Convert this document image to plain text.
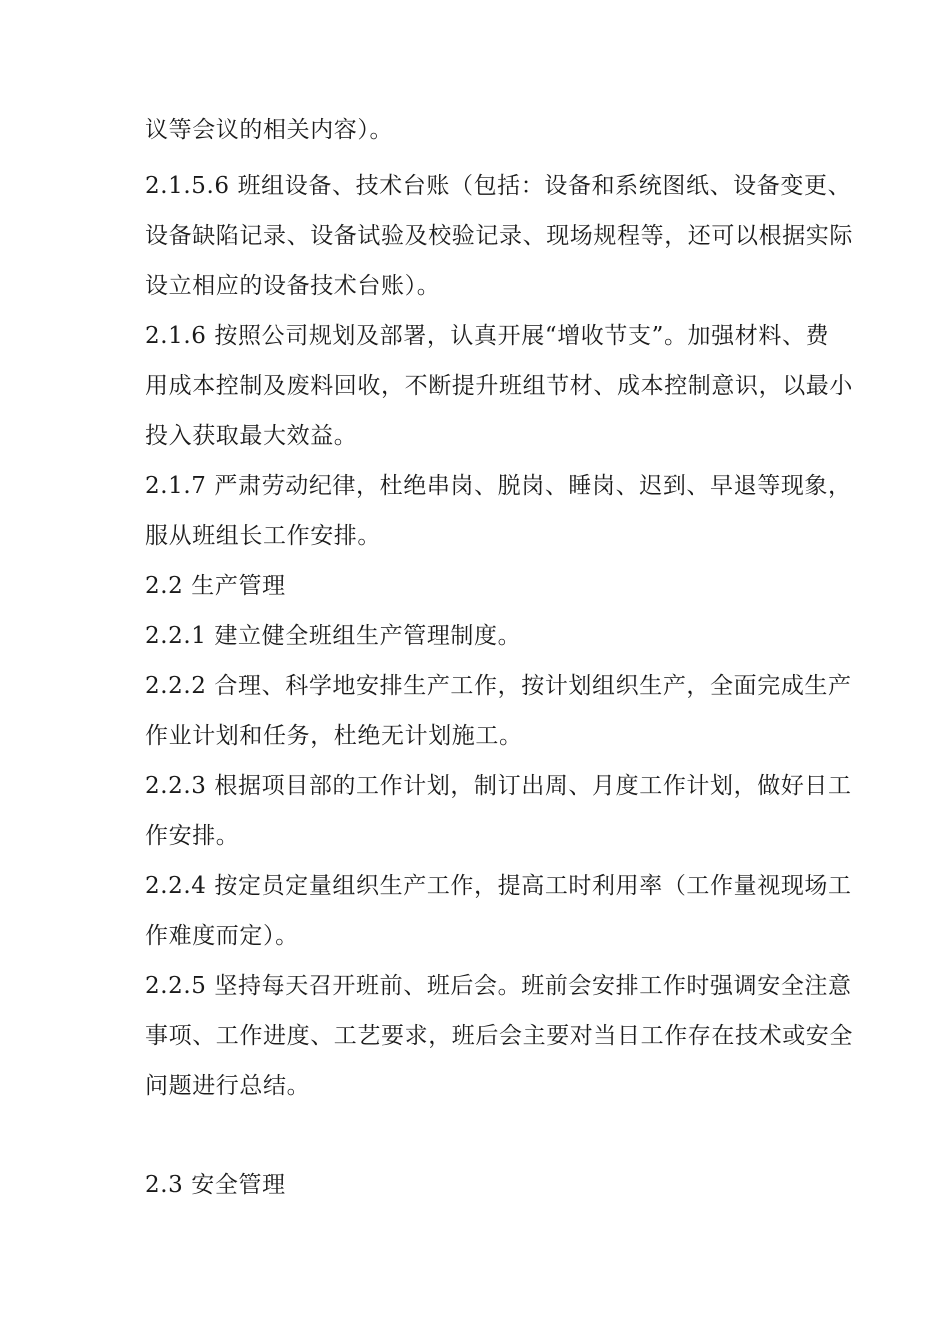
议等会议的相关内容）。
2.1.5.6 班组设备、技术台账（包括：设备和系统图纸、设备变更、
设备缺陷记录、设备试验及校验记录、现场规程等，还可以根据实际
设立相应的设备技术台账）。
2.1.6 按照公司规划及部署，认真开展“增收节支”。加强材料、费
用成本控制及废料回收，不断提升班组节材、成本控制意识，以最小
投入获取最大效益。
2.1.7 严肃劳动纪律，杜绝串岗、脱岗、睡岗、迟到、早退等现象，
服从班组长工作安排。
2.2 生产管理
2.2.1 建立健全班组生产管理制度。
2.2.2 合理、科学地安排生产工作，按计划组织生产，全面完成生产
作业计划和任务，杜绝无计划施工。
2.2.3 根据项目部的工作计划，制订出周、月度工作计划，做好日工
作安排。
2.2.4 按定员定量组织生产工作，提高工时利用率（工作量视现场工
作难度而定）。
2.2.5 坚持每天召开班前、班后会。班前会安排工作时强调安全注意
事项、工作进度、工艺要求，班后会主要对当日工作存在技术或安全
问题进行总结。
2.3 安全管理
